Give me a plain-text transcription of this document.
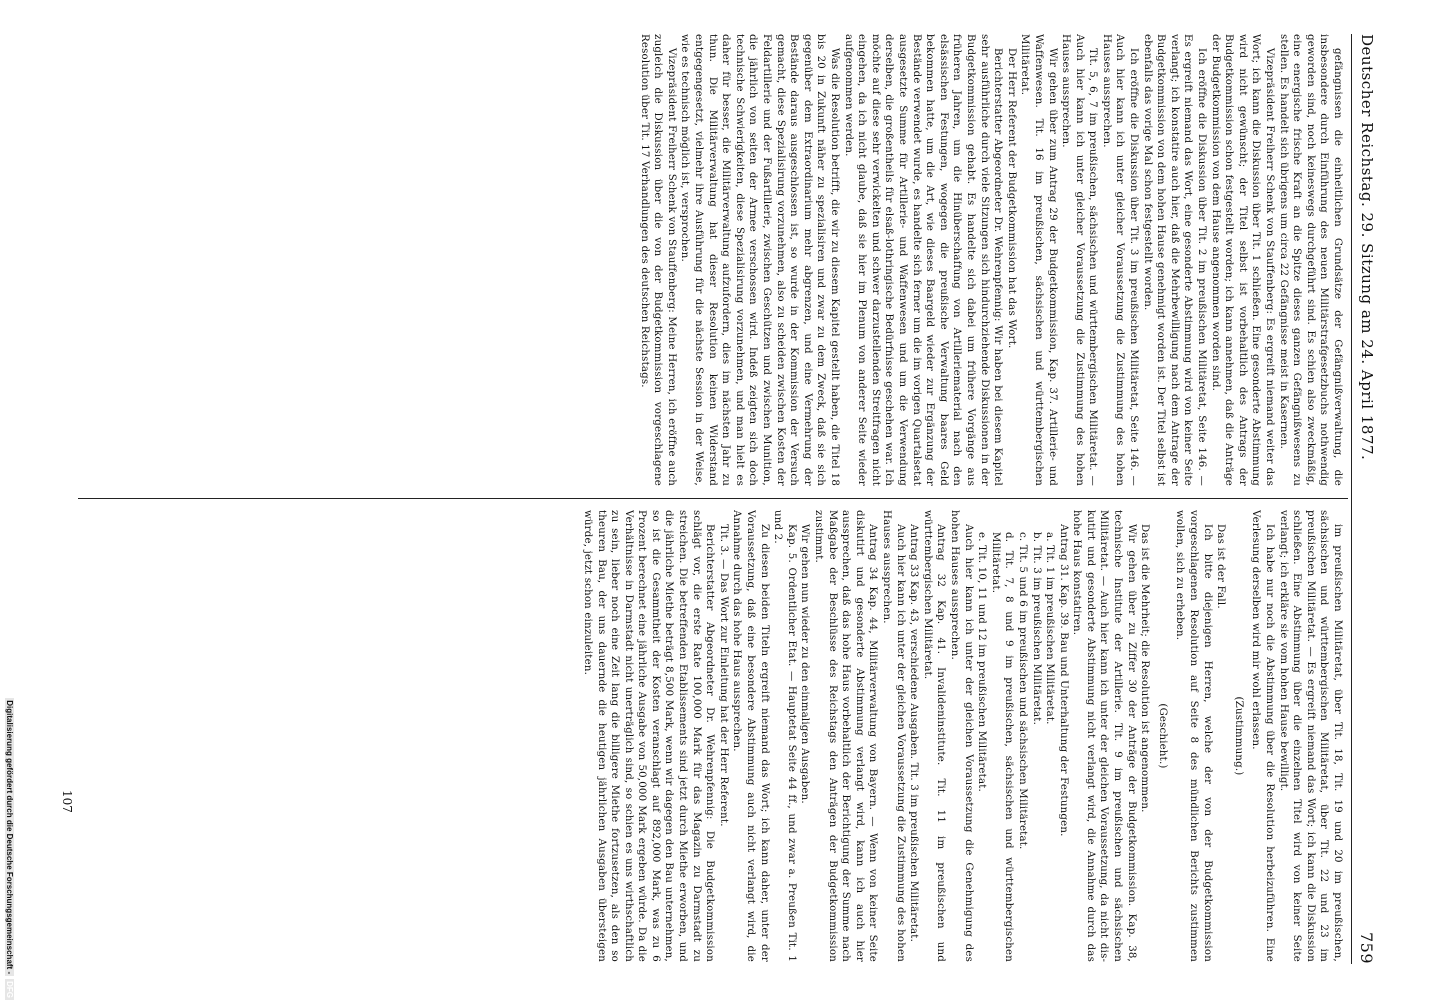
Deutscher Reichstag. 29. Sitzung am 24. April 1877.
759

gefängnissen die einheitlichen Grundsätze der Gefängnißverwaltung, die insbesondere durch Einführung des neuen Militärstrafgesetzbuchs nothwendig geworden sind, noch keineswegs durchgeführt sind. Es schien also zweckmäßig, eine energische frische Kraft an die Spitze dieses ganzen Gefängnißwesens zu stellen. Es handelt sich übrigens um circa 22 Gefängnisse meist in Kasernen.

Vizepräsident Freiherr Schenk von Stauffenberg: Es ergreift niemand weiter das Wort; ich kann die Diskussion über Tit. 1 schließen. Eine gesonderte Abstimmung wird nicht gewünscht; der Titel selbst ist vorbehaltlich des Antrags der Budgetkommission schon festgestellt worden; ich kann annehmen, daß die Anträge der Budgetkommission von dem Hause angenommen worden sind.

Ich eröffne die Diskussion über Tit. 2 im preußischen Militäretat, Seite 146. — Es ergreift niemand das Wort, eine gesonderte Abstimmung wird von keiner Seite verlangt; ich konstatire auch hier, daß die Mehrbewilligung nach dem Antrage der Budgetkommission von dem hohen Hause genehmigt worden ist. Der Titel selbst ist ebenfalls das vorige Mal schon festgestellt worden.

Ich eröffne die Diskussion über Tit. 3 im preußischen Militäretat, Seite 146. — Auch hier kann ich unter gleicher Voraussetzung die Zustimmung des hohen Hauses aussprechen.

Tit. 5, 6, 7 im preußischen, sächsischen und württembergischen Militäretat. — Auch hier kann ich unter gleicher Voraussetzung die Zustimmung des hohen Hauses aussprechen.

Wir gehen über zum Antrag 29 der Budgetkommission, Kap. 37. Artillerie- und Waffenwesen. Tit. 16 im preußischen, sächsischen und württembergischen Militäretat.

Der Herr Referent der Budgetkommission hat das Wort.

Berichterstatter Abgeordneter Dr. Wehrenpfennig: Wir haben bei diesem Kapitel sehr ausführliche durch viele Sitzungen sich hindurchziehende Diskussionen in der Budgetkommission gehabt. Es handelte sich dabei um frühere Vorgänge aus früheren Jahren, um die Hinüberschaffung von Artilleriematerial nach den elsässischen Festungen, wogegen die preußische Verwaltung baares Geld bekommen hatte, um die Art, wie dieses Baargeld wieder zur Ergänzung der Bestände verwendet wurde, es handelte sich ferner um die im vorigen Quartalsetat ausgesetzte Summe für Artillerie- und Waffenwesen und um die Verwendung derselben, die großentheils für elsaß-lothringische Bedürfnisse geschehen war. Ich möchte auf diese sehr verwickelten und schwer darzustellenden Streitfragen nicht eingehen, da ich nicht glaube, daß sie hier im Plenum von anderer Seite wieder aufgenommen werden.

Was die Resolution betrifft, die wir zu diesem Kapitel gestellt haben, die Titel 18 bis 20 in Zukunft näher zu spezialisiren und zwar zu dem Zweck, daß sie sich gegenüber dem Extraordinarium mehr abgrenzen, und eine Vermehrung der Bestände daraus ausgeschlossen ist, so wurde in der Kommission der Versuch gemacht, diese Spezialisirung vorzunehmen, also zu scheiden zwischen Kosten der Feldartillerie und der Fußartillerie, zwischen Geschützen und zwischen Munition, die jährlich von seiten der Armee verschossen wird. Indeß zeigten sich doch technische Schwierigkeiten, diese Spezialisirung vorzunehmen, und man hielt es daher für besser, die Militärverwaltung aufzufordern, dies im nächsten Jahr zu thun. Die Militärverwaltung hat dieser Resolution keinen Widerstand entgegengesetzt, vielmehr ihre Ausführung für die nächste Session in der Weise, wie es technisch möglich ist, versprochen.

Vizepräsident Freiherr Schenk von Stauffenberg: Meine Herren, ich eröffne auch zugleich die Diskussion über die von der Budgetkommission vorgeschlagene Resolution über Tit. 17 Verhandlungen des deutschen Reichstags.

im preußischen Militäretat, über Tit. 18, Tit. 19 und 20 im preußischen, sächsischen und württembergischen Militäretat, über Tit. 22 und 23 im preußischen Militäretat. — Es ergreift niemand das Wort; ich kann die Diskussion schließen. Eine Abstimmung über die einzelnen Titel wird von keiner Seite verlangt; ich erkläre sie vom hohen Hause bewilligt.

Ich habe nur noch die Abstimmung über die Resolution herbeizuführen. Eine Verlesung derselben wird mir wohl erlassen.

(Zustimmung.)

Das ist der Fall.

Ich bitte diejenigen Herren, welche der von der Budgetkommission vorgeschlagenen Resolution auf Seite 8 des mündlichen Berichts zustimmen wollen, sich zu erheben.

(Geschieht.)

Das ist die Mehrheit; die Resolution ist angenommen.

Wir gehen über zu Ziffer 30 der Anträge der Budgetkommission. Kap. 38, technische Institute der Artillerie. Tit. 9 im preußischen und sächsischen Militäretat. — Auch hier kann ich unter der gleichen Voraussetzung, da nicht diskutirt und gesonderte Abstimmung nicht verlangt wird, die Annahme durch das hohe Haus konstatiren.

Antrag 31. Kap. 39. Bau und Unterhaltung der Festungen.

a. Tit. 1 im preußischen Militäretat.

b. Tit. 3 im preußischen Militäretat.

c. Tit. 5 und 6 im preußischen und sächsischen Militäretat.

d. Tit. 7, 8 und 9 im preußischen, sächsischen und württembergischen Militäretat.

e. Tit. 10, 11 und 12 im preußischen Militäretat.

Auch hier kann ich unter der gleichen Voraussetzung die Genehmigung des hohen Hauses aussprechen.

Antrag 32 Kap. 41. Invalideninstitute. Tit. 11 im preußischen und württembergischen Militäretat.

Antrag 33 Kap. 43, verschiedene Ausgaben. Tit. 3 im preußischen Militäretat.

Auch hier kann ich unter der gleichen Voraussetzung die Zustimmung des hohen Hauses aussprechen.

Antrag 34 Kap. 44, Militärverwaltung von Bayern. — Wenn von keiner Seite diskutirt und gesonderte Abstimmung verlangt wird, kann ich auch hier aussprechen, daß das hohe Haus vorbehaltlich der Berichtigung der Summe nach Maßgabe der Beschlüsse des Reichstags den Anträgen der Budgetkommission zustimmt.

Wir gehen nun wieder zu den einmaligen Ausgaben.

Kap. 5. Ordentlicher Etat. — Hauptetat Seite 44 ff., und zwar a. Preußen Tit. 1 und 2.

Zu diesen beiden Titeln ergreift niemand das Wort; ich kann daher, unter der Voraussetzung, daß eine besondere Abstimmung auch nicht verlangt wird, die Annahme durch das hohe Haus aussprechen.

Tit. 3. — Das Wort zur Einleitung hat der Herr Referent.

Berichterstatter Abgeordneter Dr. Wehrenpfennig: Die Budgetkommission schlägt vor, die erste Rate 100,000 Mark für das Magazin zu Darmstadt zu streichen. Die betreffenden Etablissements sind jetzt durch Miethe erworben, und die jährliche Miethe beträgt 8,500 Mark, wenn wir dagegen den Bau unternehmen, so ist die Gesammtheit der Kosten veranschlagt auf 892,000 Mark, was zu 6 Prozent berechnet eine jährliche Ausgabe von 50,000 Mark ergeben würde. Da die Verhältnisse in Darmstadt nicht unerträglich sind, so schien es uns wirthschaftlich zu sein, lieber noch eine Zeit lang die billigere Miethe fortzusetzen, als den so theuren Bau, der uns dauernde die heutigen jährlichen Ausgaben übersteigen würde, jetzt schon einzuleiten.

107
Digitalisierung gefördert durch die Deutsche Forschungsgemeinschaft -DFG
